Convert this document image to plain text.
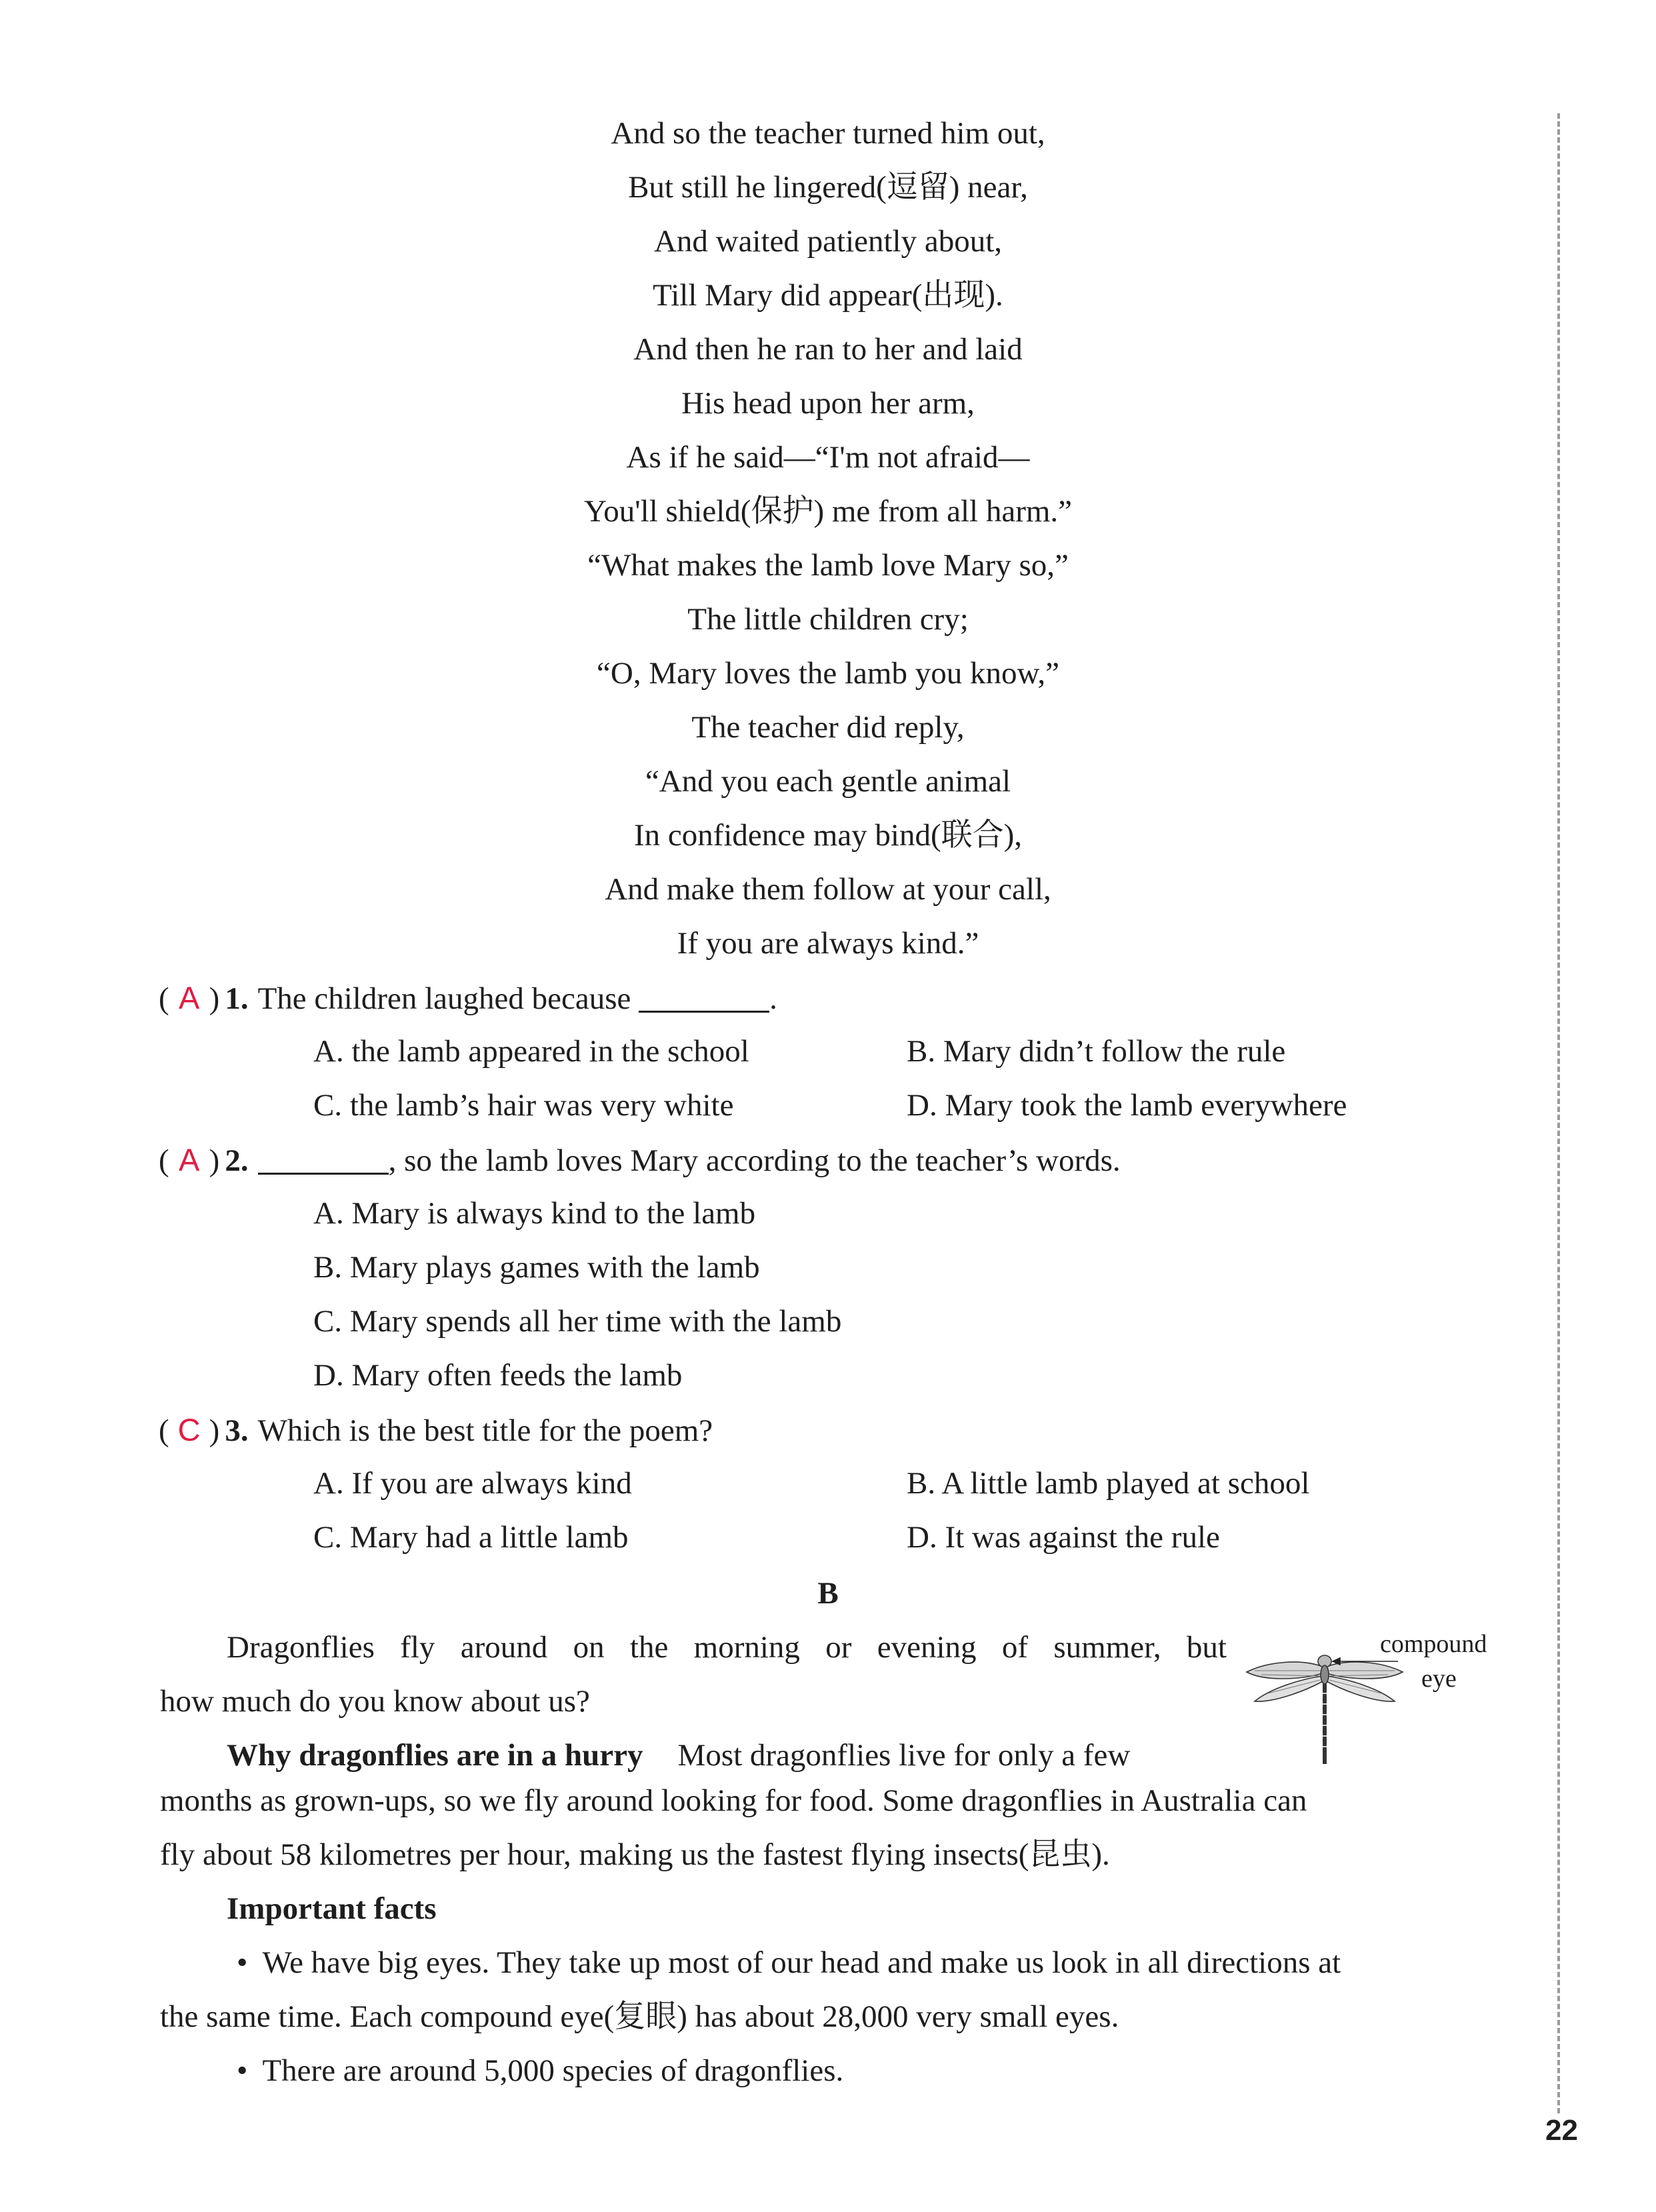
And so the teacher turned him out,
But still he lingered(逗留) near,
And waited patiently about,
Till Mary did appear(出现).
And then he ran to her and laid
His head upon her arm,
As if he said—“I'm not afraid—
You'll shield(保护) me from all harm.”
“What makes the lamb love Mary so,”
The little children cry;
“O, Mary loves the lamb you know,”
The teacher did reply,
“And you each gentle animal
In confidence may bind(联合),
And make them follow at your call,
If you are always kind.”
( A ) 1. The children laughed because	.
A. the lamb appeared in the school	B. Mary didn’t follow the rule
C. the lamb’s hair was very white	D. Mary took the lamb everywhere
( A ) 2.	, so the lamb loves Mary according to the teacher’s words.
A. Mary is always kind to the lamb
B. Mary plays games with the lamb
C. Mary spends all her time with the lamb
D. Mary often feeds the lamb
( C ) 3. Which is the best title for the poem?
A. If you are always kind	B. A little lamb played at school
C. Mary had a little lamb	D. It was against the rule
B
Dragonflies fly around on the morning or evening of summer, but
how much do you know about us?
Why dragonflies are in a hurry Most dragonflies live for only a few
months as grown-ups, so we fly around looking for food. Some dragonflies in Australia can
fly about 58 kilometres per hour, making us the fastest flying insects(昆虫).
Important facts
• We have big eyes. They take up most of our head and make us look in all directions at
the same time. Each compound eye(复眼) has about 28,000 very small eyes.
• There are around 5,000 species of dragonflies.
compound
eye
22
